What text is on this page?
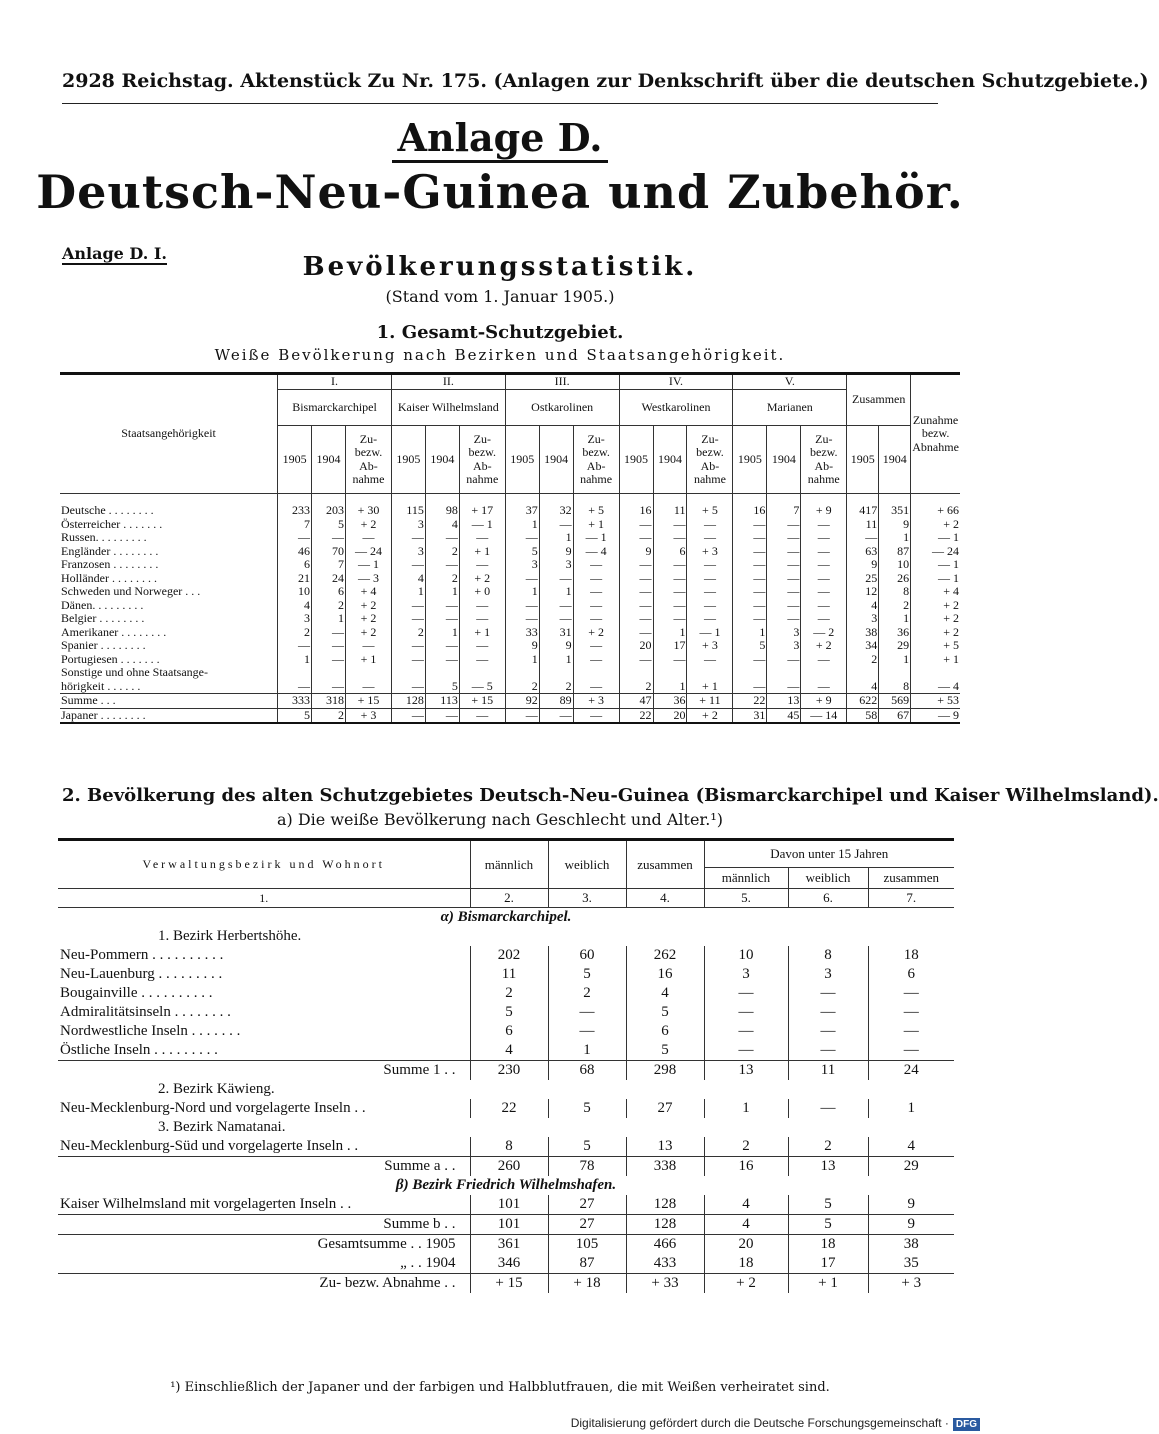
2928 Reichstag. Aktenstück Zu Nr. 175. (Anlagen zur Denkschrift über die deutschen Schutzgebiete.)
Anlage D.
Deutsch-Neu-Guinea und Zubehör.
Anlage D. I.	Bevölkerungsstatistik.
(Stand vom 1. Januar 1905.)
1. Gesamt-Schutzgebiet.
Weiße Bevölkerung nach Bezirken und Staatsangehörigkeit.
Staatsangehörigkeit	I.			II.			III.			IV.			V.			Zusammen		Zunahme bezw. Abnahme
	Bismarckarchipel			Kaiser Wilhelmsland			Ostkarolinen			Westkarolinen			Marianen					
	1905	1904	Zu- bezw. Ab- nahme	1905	1904	Zu- bezw. Ab- nahme	1905	1904	Zu- bezw. Ab- nahme	1905	1904	Zu- bezw. Ab- nahme	1905	1904	Zu- bezw. Ab- nahme	1905	1904	
Deutsche . . . . . . . .	233	203	+ 30	115	98	+ 17	37	32	+ 5	16	11	+ 5	16	7	+ 9	417	351	+ 66
Österreicher . . . . . . .	7	5	+ 2	3	4	— 1	1	—	+ 1	—	—	—	—	—	—	11	9	+ 2
Russen. . . . . . . . .	—	—	—	—	—	—	—	1	— 1	—	—	—	—	—	—	—	1	— 1
Engländer . . . . . . . .	46	70	— 24	3	2	+ 1	5	9	— 4	9	6	+ 3	—	—	—	63	87	— 24
Franzosen . . . . . . . .	6	7	— 1	—	—	—	3	3	—	—	—	—	—	—	—	9	10	— 1
Holländer . . . . . . . .	21	24	— 3	4	2	+ 2	—	—	—	—	—	—	—	—	—	25	26	— 1
Schweden und Norweger . . .	10	6	+ 4	1	1	+ 0	1	1	—	—	—	—	—	—	—	12	8	+ 4
Dänen. . . . . . . . .	4	2	+ 2	—	—	—	—	—	—	—	—	—	—	—	—	4	2	+ 2
Belgier . . . . . . . .	3	1	+ 2	—	—	—	—	—	—	—	—	—	—	—	—	3	1	+ 2
Amerikaner . . . . . . . .	2	—	+ 2	2	1	+ 1	33	31	+ 2	—	1	— 1	1	3	— 2	38	36	+ 2
Spanier . . . . . . . .	—	—	—	—	—	—	9	9	—	20	17	+ 3	5	3	+ 2	34	29	+ 5
Portugiesen . . . . . . .	1	—	+ 1	—	—	—	1	1	—	—	—	—	—	—	—	2	1	+ 1
Sonstige und ohne Staatsange-																		
hörigkeit . . . . . .	—	—	—	—	5	— 5	2	2	—	2	1	+ 1	—	—	—	4	8	— 4
Summe . . .	333	318	+ 15	128	113	+ 15	92	89	+ 3	47	36	+ 11	22	13	+ 9	622	569	+ 53
Japaner . . . . . . . .	5	2	+ 3	—	—	—	—	—	—	22	20	+ 2	31	45	— 14	58	67	— 9
2. Bevölkerung des alten Schutzgebietes Deutsch-Neu-Guinea (Bismarckarchipel und Kaiser Wilhelmsland).
a) Die weiße Bevölkerung nach Geschlecht und Alter.¹)
Verwaltungsbezirk und Wohnort	männlich	weiblich	zusammen	Davon unter 15 Jahren		
				männlich	weiblich	zusammen
1.	2.	3.	4.	5.	6.	7.
α) Bismarckarchipel.						
1. Bezirk Herbertshöhe.						
Neu-Pommern . . . . . . . . . .	202	60	262	10	8	18
Neu-Lauenburg . . . . . . . . .	11	5	16	3	3	6
Bougainville . . . . . . . . . .	2	2	4	—	—	—
Admiralitätsinseln . . . . . . . .	5	—	5	—	—	—
Nordwestliche Inseln . . . . . . .	6	—	6	—	—	—
Östliche Inseln . . . . . . . . .	4	1	5	—	—	—
Summe 1 . .	230	68	298	13	11	24
2. Bezirk Käwieng.						
Neu-Mecklenburg-Nord und vorgelagerte Inseln . .	22	5	27	1	—	1
3. Bezirk Namatanai.						
Neu-Mecklenburg-Süd und vorgelagerte Inseln . .	8	5	13	2	2	4
Summe a . .	260	78	338	16	13	29
β) Bezirk Friedrich Wilhelmshafen.						
Kaiser Wilhelmsland mit vorgelagerten Inseln . .	101	27	128	4	5	9
Summe b . .	101	27	128	4	5	9
Gesamtsumme . . 1905	361	105	466	20	18	38
„ . . 1904	346	87	433	18	17	35
Zu- bezw. Abnahme . .	+ 15	+ 18	+ 33	+ 2	+ 1	+ 3
¹) Einschließlich der Japaner und der farbigen und Halbblutfrauen, die mit Weißen verheiratet sind.
Digitalisierung gefördert durch die Deutsche Forschungsgemeinschaft · DFG
